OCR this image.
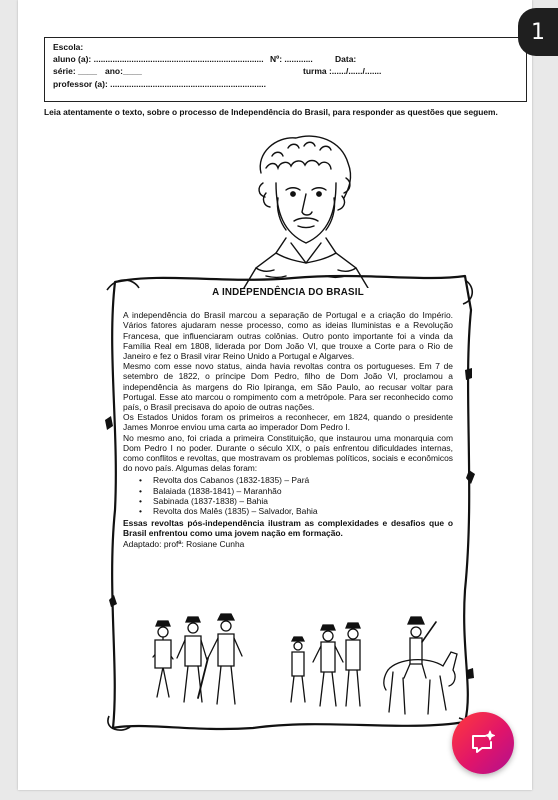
Escola:
aluno (a): ........................................................................ Nº: ............	Data:
série: ____ ano:____	turma :....../....../.......
professor (a): ..................................................................
Leia atentamente o texto, sobre o processo de Independência do Brasil, para responder as questões que seguem.
A INDEPENDÊNCIA DO BRASIL

A independência do Brasil marcou a separação de Portugal e a criação do Império. Vários fatores ajudaram nesse processo, como as ideias Iluministas e a Revolução Francesa, que influenciaram outras colônias. Outro ponto importante foi a vinda da Família Real em 1808, liderada por Dom João VI, que trouxe a Corte para o Rio de Janeiro e fez o Brasil virar Reino Unido a Portugal e Algarves.

Mesmo com esse novo status, ainda havia revoltas contra os portugueses. Em 7 de setembro de 1822, o príncipe Dom Pedro, filho de Dom João VI, proclamou a independência às margens do Rio Ipiranga, em São Paulo, ao recusar voltar para Portugal. Esse ato marcou o rompimento com a metrópole. Para ser reconhecido como país, o Brasil precisava do apoio de outras nações.

Os Estados Unidos foram os primeiros a reconhecer, em 1824, quando o presidente James Monroe enviou uma carta ao imperador Dom Pedro I.

No mesmo ano, foi criada a primeira Constituição, que instaurou uma monarquia com Dom Pedro I no poder. Durante o século XIX, o país enfrentou dificuldades internas, como conflitos e revoltas, que mostravam os problemas políticos, sociais e econômicos do novo país. Algumas delas foram:

• Revolta dos Cabanos (1832-1835) – Pará
• Balaiada (1838-1841) – Maranhão
• Sabinada (1837-1838) – Bahia
• Revolta dos Malês (1835) – Salvador, Bahia

Essas revoltas pós-independência ilustram as complexidades e desafios que o Brasil enfrentou como uma jovem nação em formação.

Adaptado: profª: Rosiane Cunha

1
